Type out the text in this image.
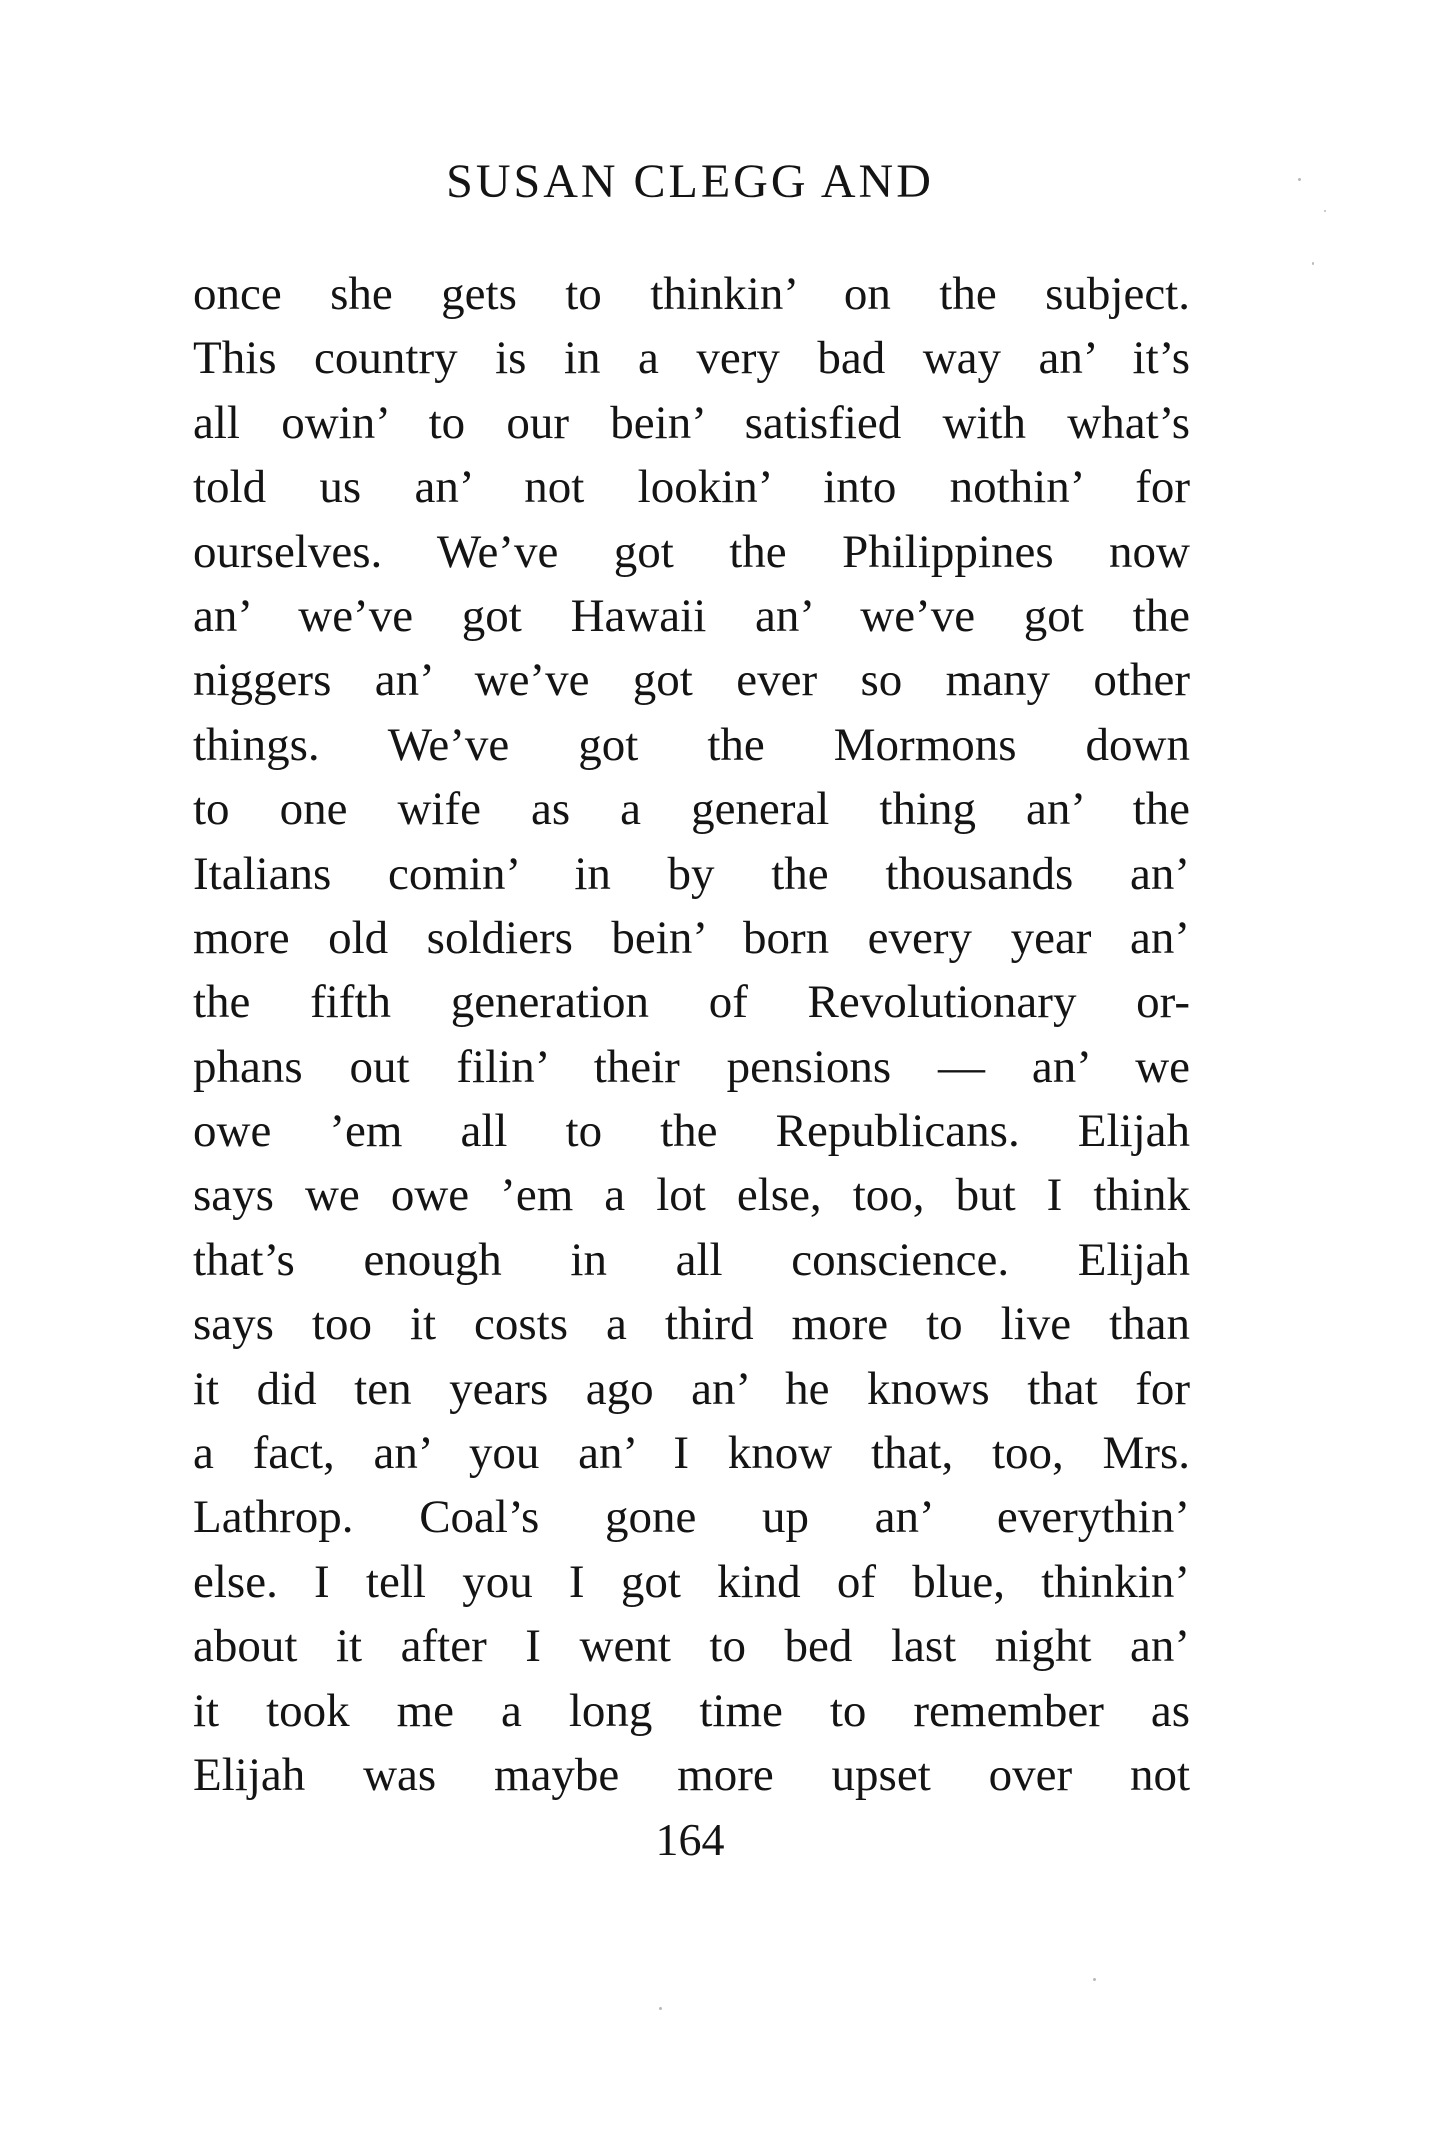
SUSAN CLEGG AND
once she gets to thinkin’ on the subject.
This country is in a very bad way an’ it’s
all owin’ to our bein’ satisfied with what’s
told us an’ not lookin’ into nothin’ for
ourselves. We’ve got the Philippines now
an’ we’ve got Hawaii an’ we’ve got the
niggers an’ we’ve got ever so many other
things. We’ve got the Mormons down
to one wife as a general thing an’ the
Italians comin’ in by the thousands an’
more old soldiers bein’ born every year an’
the fifth generation of Revolutionary or-
phans out filin’ their pensions — an’ we
owe ’em all to the Republicans. Elijah
says we owe ’em a lot else, too, but I think
that’s enough in all conscience. Elijah
says too it costs a third more to live than
it did ten years ago an’ he knows that for
a fact, an’ you an’ I know that, too, Mrs.
Lathrop. Coal’s gone up an’ everythin’
else. I tell you I got kind of blue, thinkin’
about it after I went to bed last night an’
it took me a long time to remember as
Elijah was maybe more upset over not
164
